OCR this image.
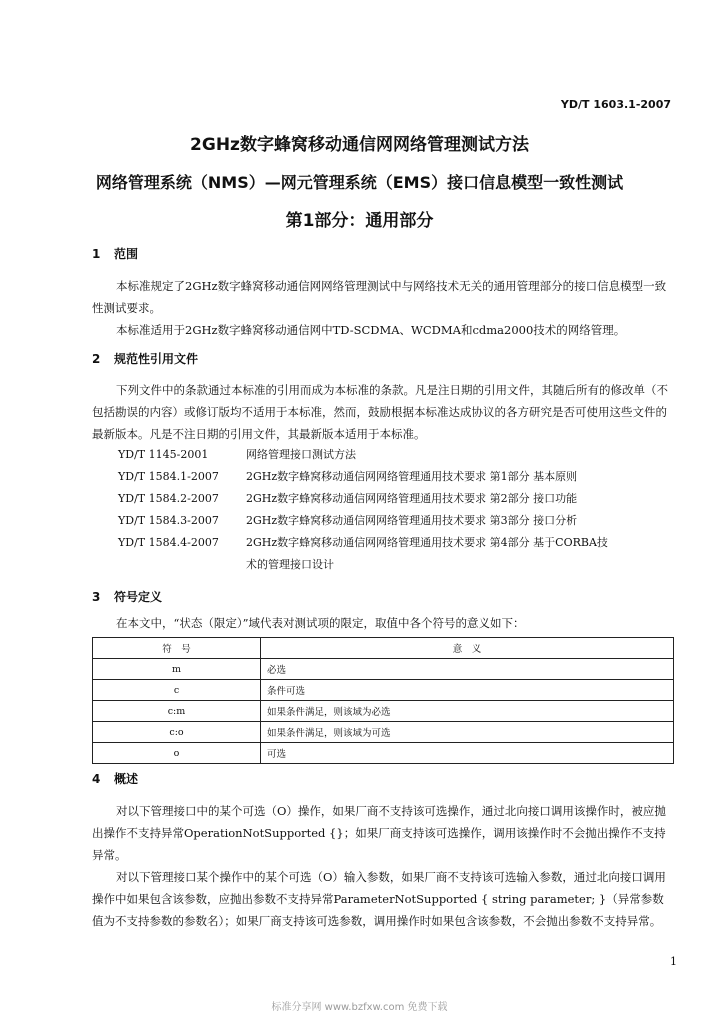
YD/T 1603.1-2007
2GHz数字蜂窝移动通信网网络管理测试方法
网络管理系统（NMS）—网元管理系统（EMS）接口信息模型一致性测试
第1部分：通用部分
1 范围
本标准规定了2GHz数字蜂窝移动通信网网络管理测试中与网络技术无关的通用管理部分的接口信息模型一致性测试要求。
本标准适用于2GHz数字蜂窝移动通信网中TD-SCDMA、WCDMA和cdma2000技术的网络管理。
2 规范性引用文件
下列文件中的条款通过本标准的引用而成为本标准的条款。凡是注日期的引用文件，其随后所有的修改单（不包括勘误的内容）或修订版均不适用于本标准，然而，鼓励根据本标准达成协议的各方研究是否可使用这些文件的最新版本。凡是不注日期的引用文件，其最新版本适用于本标准。
YD/T 1145-2001	网络管理接口测试方法
YD/T 1584.1-2007 2GHz数字蜂窝移动通信网网络管理通用技术要求 第1部分 基本原则
YD/T 1584.2-2007 2GHz数字蜂窝移动通信网网络管理通用技术要求 第2部分 接口功能
YD/T 1584.3-2007 2GHz数字蜂窝移动通信网网络管理通用技术要求 第3部分 接口分析
YD/T 1584.4-2007 2GHz数字蜂窝移动通信网网络管理通用技术要求 第4部分 基于CORBA技
术的管理接口设计
3 符号定义
在本文中，“状态（限定）”域代表对测试项的限定，取值中各个符号的意义如下：
符　号	意　义
m	必选
c	条件可选
c:m	如果条件满足，则该域为必选
c:o	如果条件满足，则该域为可选
o	可选
4 概述
对以下管理接口中的某个可选（O）操作，如果厂商不支持该可选操作，通过北向接口调用该操作时，被应抛出操作不支持异常OperationNotSupported {}；如果厂商支持该可选操作，调用该操作时不会抛出操作不支持异常。
对以下管理接口某个操作中的某个可选（O）输入参数，如果厂商不支持该可选输入参数，通过北向接口调用操作中如果包含该参数，应抛出参数不支持异常ParameterNotSupported { string parameter; }（异常参数值为不支持参数的参数名）；如果厂商支持该可选参数，调用操作时如果包含该参数，不会抛出参数不支持异常。
1
标准分享网 www.bzfxw.com 免费下载
